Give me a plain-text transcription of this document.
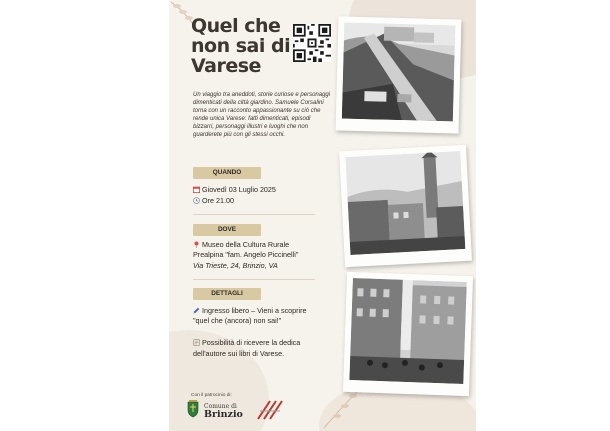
Quel che
non sai di
Varese
Un viaggio tra aneddoti, storie curiose e personaggi dimenticati della città giardino. Samuele Corsalini torna con un racconto appassionante su ciò che rende unica Varese: fatti dimenticati, episodi bizzarri, personaggi illustri e luoghi che non guarderete più con gli stessi occhi.
QUANDO
Giovedì 03 Luglio 2025
Ore 21.00
DOVE
Museo della Cultura Rurale
Prealpina "fam. Angelo Piccinelli"
Via Trieste, 24, Brinzio, VA
DETTAGLI
Ingresso libero – Vieni a scoprire
"quel che (ancora) non sai!"
Possibilità di ricevere la dedica
dell'autore sui libri di Varese.
Con il patrocinio di:
Comune di
Brinzio
